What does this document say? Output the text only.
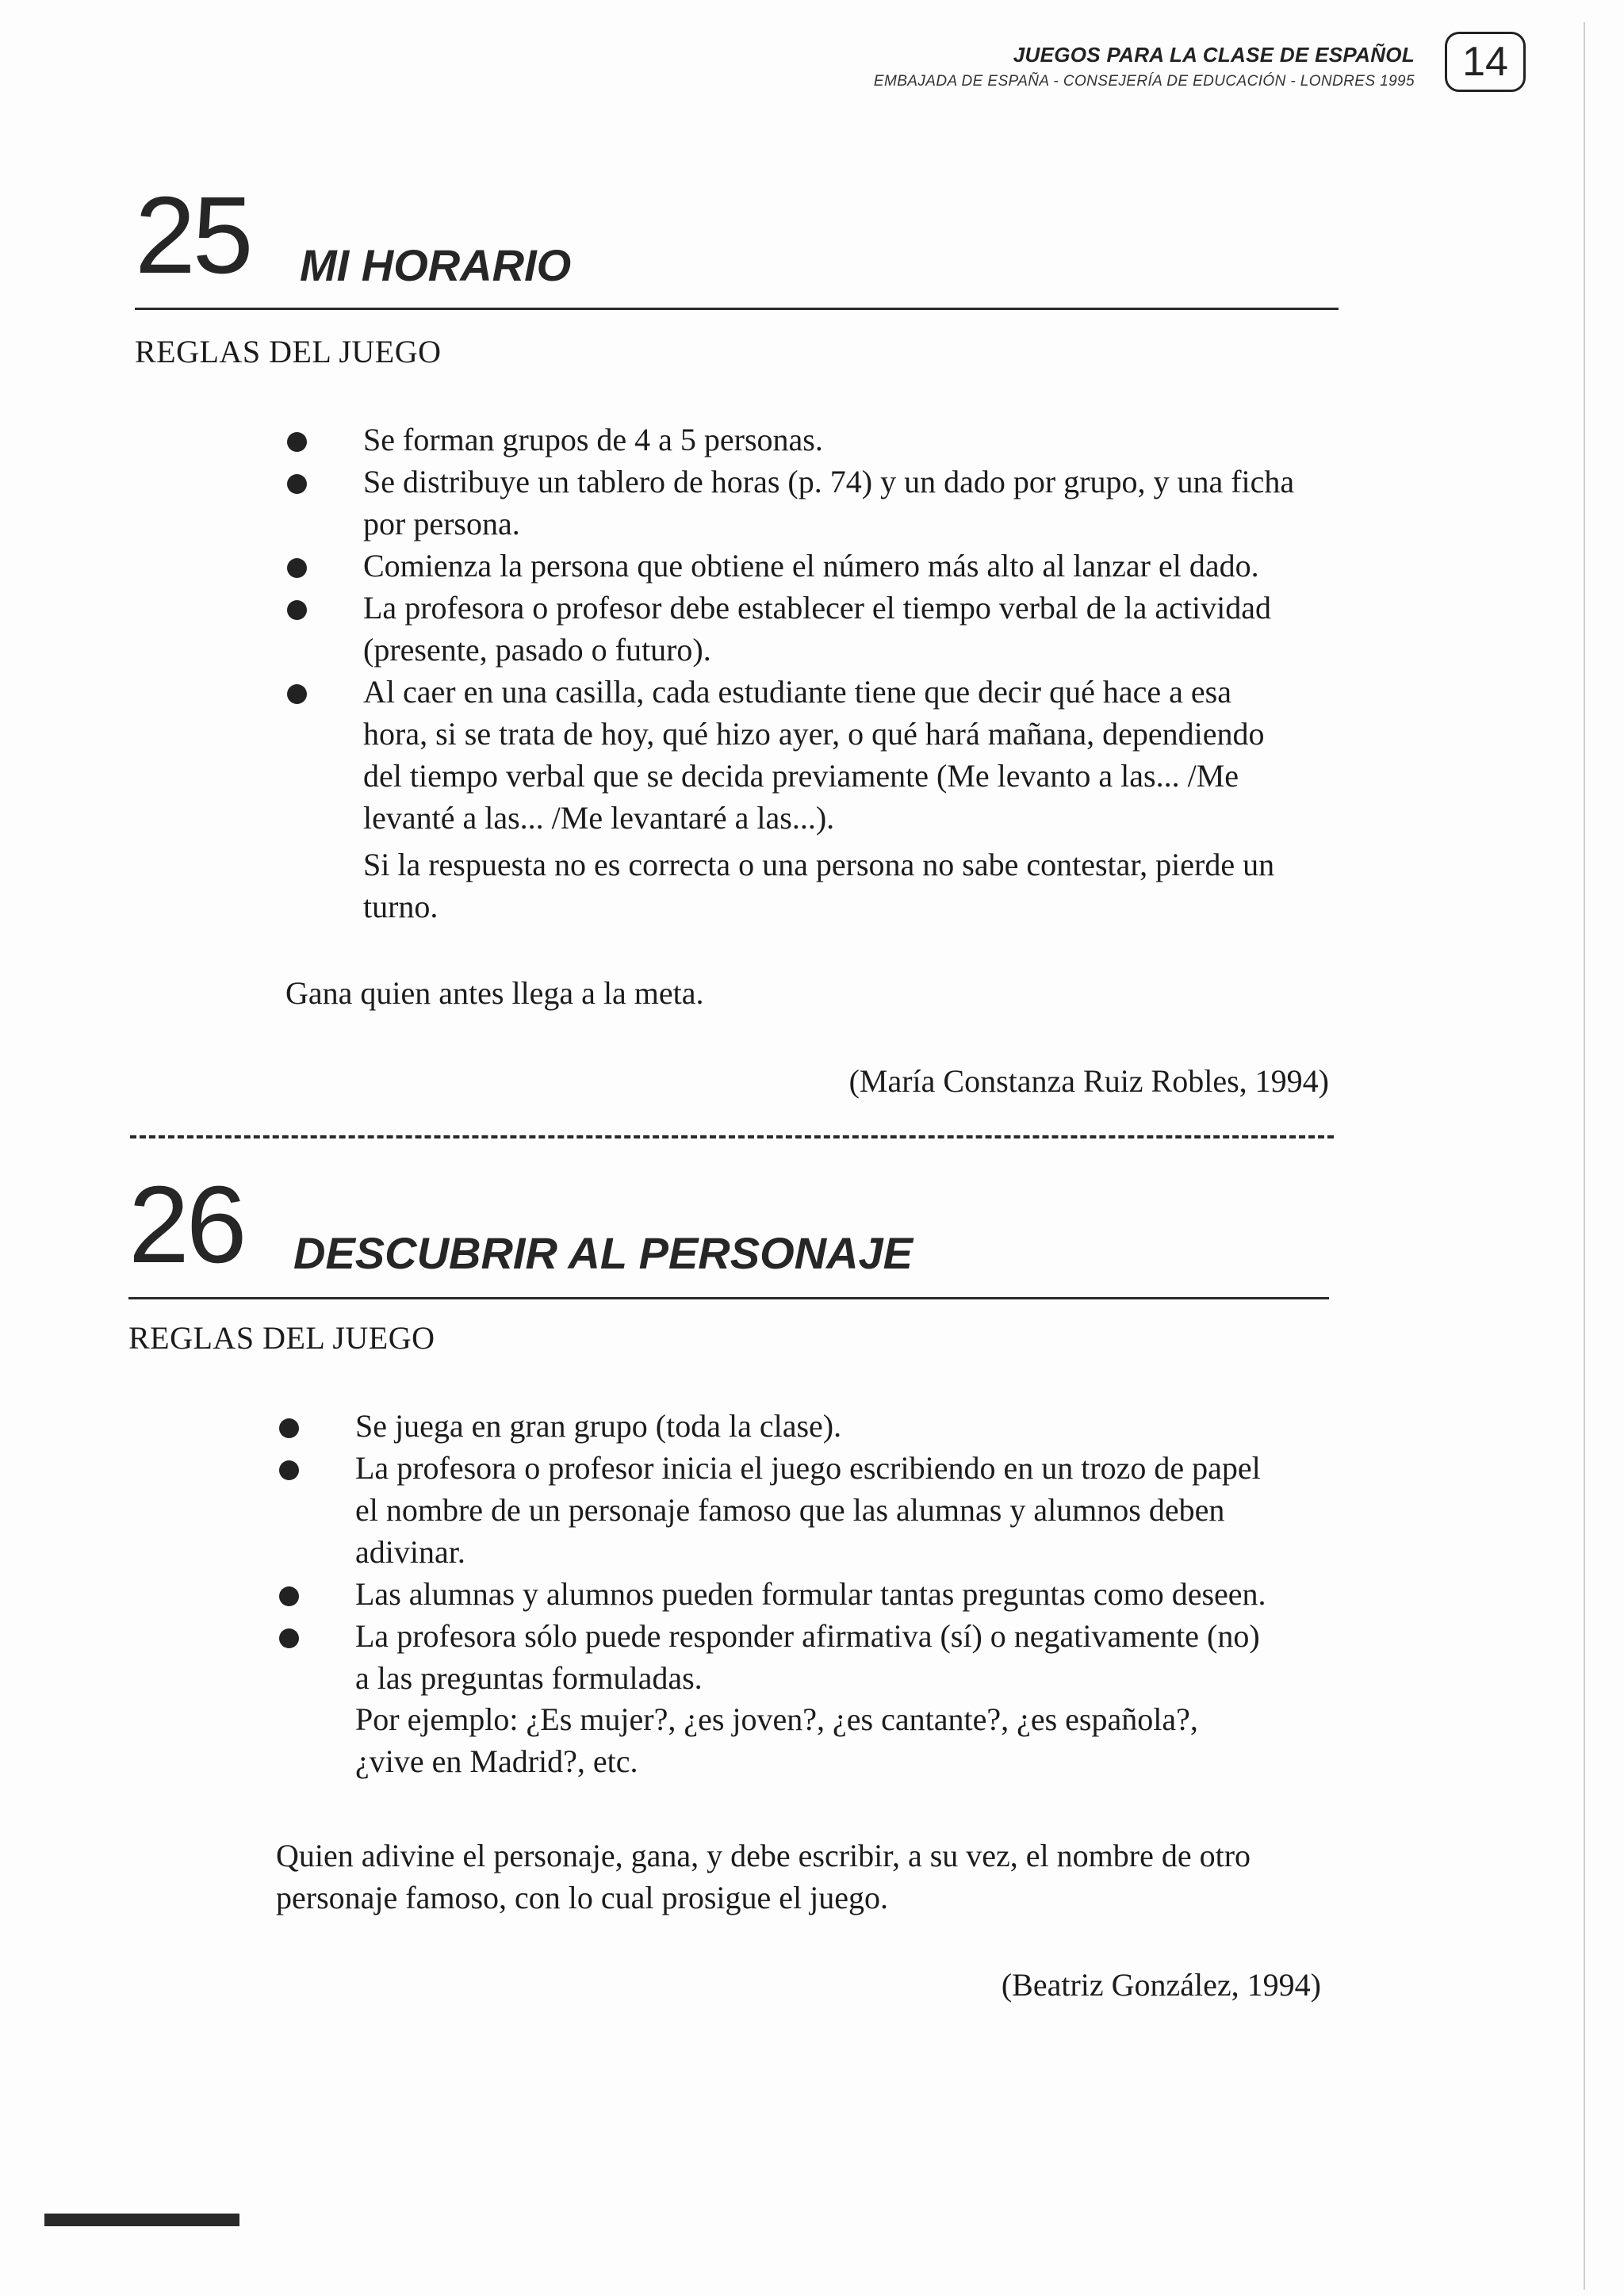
JUEGOS PARA LA CLASE DE ESPAÑOL
EMBAJADA DE ESPAÑA - CONSEJERÍA DE EDUCACIÓN - LONDRES 1995 14
25 MI HORARIO
REGLAS DEL JUEGO
Se forman grupos de 4 a 5 personas.
Se distribuye un tablero de horas (p. 74) y un dado por grupo, y una ficha
por persona.
Comienza la persona que obtiene el número más alto al lanzar el dado.
La profesora o profesor debe establecer el tiempo verbal de la actividad
(presente, pasado o futuro).
Al caer en una casilla, cada estudiante tiene que decir qué hace a esa
hora, si se trata de hoy, qué hizo ayer, o qué hará mañana, dependiendo
del tiempo verbal que se decida previamente (Me levanto a las... /Me
levanté a las... /Me levantaré a las...).
Si la respuesta no es correcta o una persona no sabe contestar, pierde un
turno.
Gana quien antes llega a la meta.
(María Constanza Ruiz Robles, 1994)
26 DESCUBRIR AL PERSONAJE
REGLAS DEL JUEGO
Se juega en gran grupo (toda la clase).
La profesora o profesor inicia el juego escribiendo en un trozo de papel
el nombre de un personaje famoso que las alumnas y alumnos deben
adivinar.
Las alumnas y alumnos pueden formular tantas preguntas como deseen.
La profesora sólo puede responder afirmativa (sí) o negativamente (no)
a las preguntas formuladas.
Por ejemplo: ¿Es mujer?, ¿es joven?, ¿es cantante?, ¿es española?,
¿vive en Madrid?, etc.
Quien adivine el personaje, gana, y debe escribir, a su vez, el nombre de otro
personaje famoso, con lo cual prosigue el juego.
(Beatriz González, 1994)
